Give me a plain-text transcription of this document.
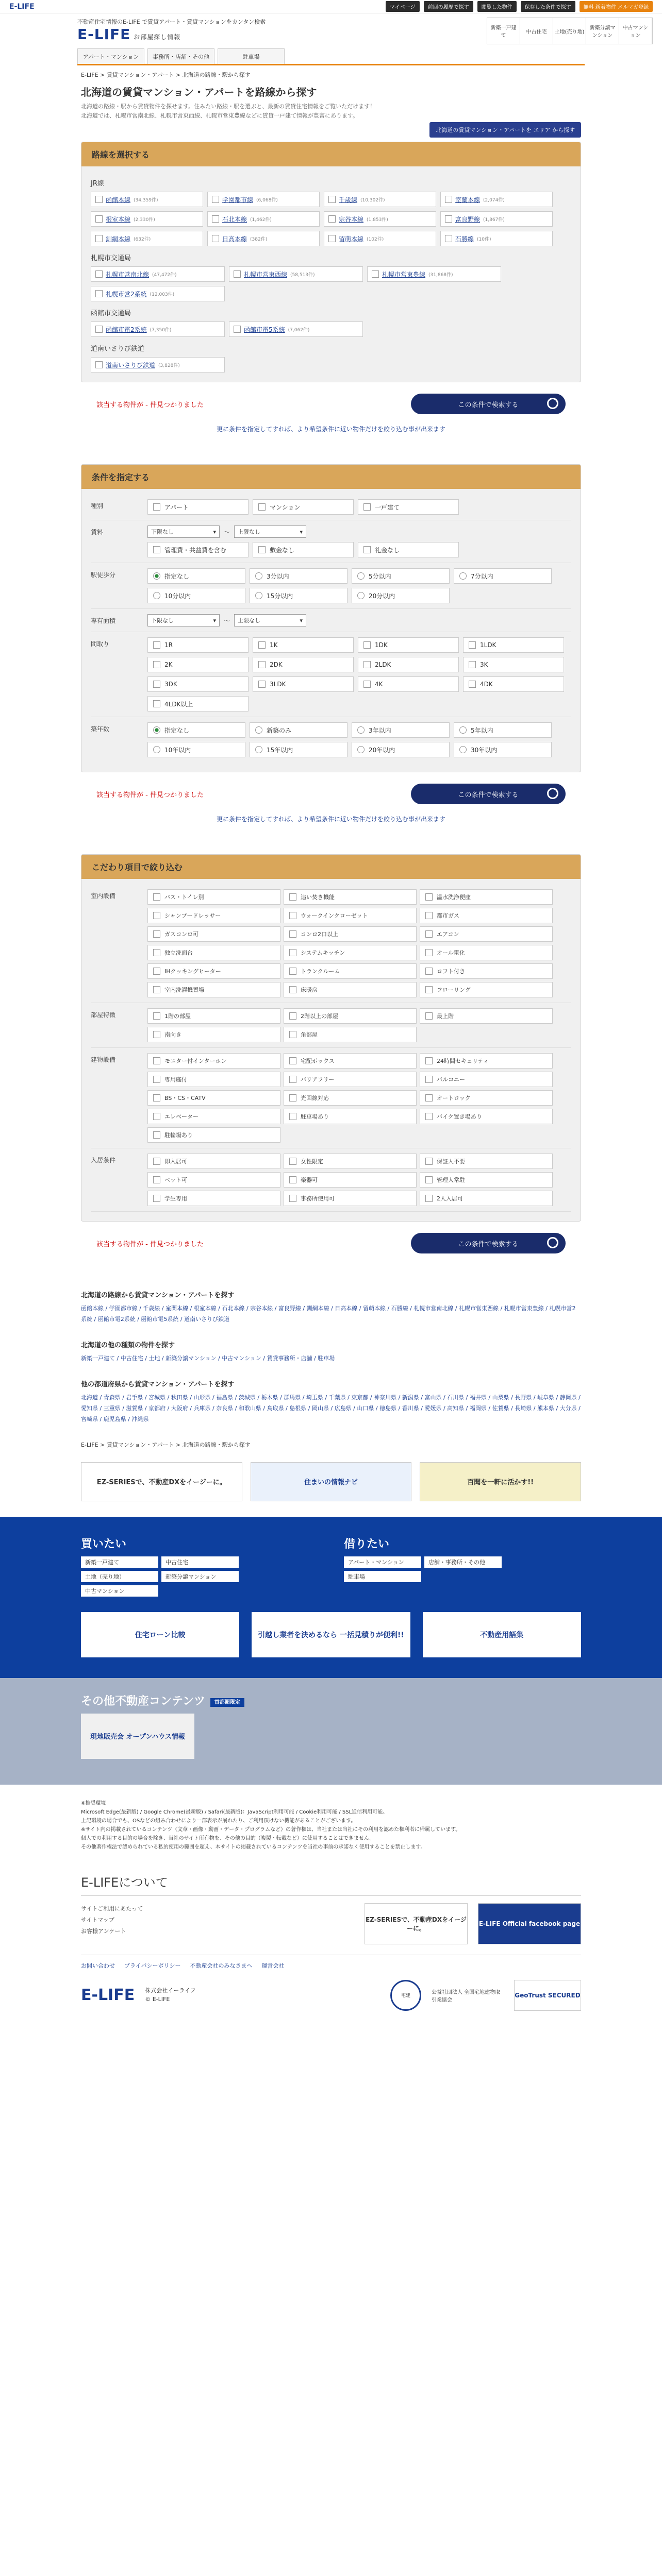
E-LIFE	マイページ	前回の履歴で探す	閲覧した物件	保存した条件で探す	無料 新着物件 メルマガ登録
不動産住宅情報のE-LIFE で賃貸アパート・賃貸マンションをカンタン検索
E-LIFE お部屋探し情報
新築一戸建て
中古住宅	土地(売り地)
新築分譲マンション
中古マンション
アパート・マンション	事務所・店舗・その他	駐車場
E-LIFE > 賃貸マンション・アパート > 北海道の路線・駅から探す
北海道の賃貸マンション・アパートを路線から探す

北海道の路線・駅から賃貸物件を探せます。住みたい路線・駅を選ぶと、最新の賃貸住宅情報をご覧いただけます！

北海道では、札幌市営南北線、札幌市営東西線、札幌市営東豊線などに賃貸一戸建て情報が豊富にあります。

北海道の賃貸マンション・アパートを エリア から探す
路線を選択する
JR線
函館本線 (34,359件)	学園都市線 (6,068件)	千歳線 (10,302件)	室蘭本線 (2,074件)
根室本線 (2,330件)	石北本線 (1,462件)	宗谷本線 (1,853件)	富良野線 (1,867件)
釧網本線 (632件)	日高本線 (382件)	留萌本線 (102件)	石勝線 (10件)
札幌市交通局
札幌市営南北線 (47,472件)	札幌市営東西線 (58,513件)	札幌市営東豊線 (31,868件)
札幌市営2系統 (12,003件)
函館市交通局
函館市電2系統 (7,350件)	函館市電5系統 (7,062件)
道南いさりび鉄道
道南いさりび鉄道 (3,828件)
該当する物件が - 件見つかりました	この条件で検索する
更に条件を指定してすれば、より希望条件に近い物件だけを絞り込む事が出来ます
条件を指定する
種別	アパート	マンション	一戸建て
賃料	下限なし	▾ ～ 上限なし	▾
管理費・共益費を含む	敷金なし	礼金なし
駅徒歩分	指定なし	3分以内	5分以内	7分以内
10分以内	15分以内	20分以内
専有面積	下限なし	▾ ～ 上限なし	▾
間取り	1R	1K	1DK	1LDK
2K	2DK	2LDK	3K
3DK	3LDK	4K	4DK
4LDK以上
築年数	指定なし	新築のみ	3年以内	5年以内
10年以内	15年以内	20年以内	30年以内
該当する物件が - 件見つかりました	この条件で検索する
更に条件を指定してすれば、より希望条件に近い物件だけを絞り込む事が出来ます
こだわり項目で絞り込む
室内設備	バス・トイレ別	追い焚き機能	温水洗浄便座
シャンプードレッサー	ウォークインクローゼット	都市ガス
ガスコンロ可	コンロ2口以上	エアコン
独立洗面台	システムキッチン	オール電化
IHクッキングヒーター	トランクルーム	ロフト付き
室内洗濯機置場	床暖房	フローリング
部屋特徴	1階の部屋	2階以上の部屋	最上階
南向き	角部屋
建物設備	モニター付インターホン	宅配ボックス	24時間セキュリティ
専用庭付	バリアフリー	バルコニー
BS・CS・CATV	光回線対応	オートロック
エレベーター	駐車場あり	バイク置き場あり
駐輪場あり
入居条件	即入居可	女性限定	保証人不要
ペット可	楽器可	管理人常駐
学生専用	事務所使用可	2人入居可
該当する物件が - 件見つかりました	この条件で検索する
北海道の路線から賃貸マンション・アパートを探す

函館本線 / 学園都市線 / 千歳線 / 室蘭本線 / 根室本線 / 石北本線 / 宗谷本線 / 富良野線 / 釧網本線 / 日高本線 / 留萌本線 / 石勝線 / 札幌市営南北線 / 札幌市営東西線 / 札幌市営東豊線 / 札幌市営2系統 / 函館市電2系統 / 函館市電5系統 / 道南いさりび鉄道

北海道の他の種類の物件を探す

新築一戸建て / 中古住宅 / 土地 / 新築分譲マンション / 中古マンション / 賃貸事務所・店舗 / 駐車場

他の都道府県から賃貸マンション・アパートを探す

北海道 / 青森県 / 岩手県 / 宮城県 / 秋田県 / 山形県 / 福島県 / 茨城県 / 栃木県 / 群馬県 / 埼玉県 / 千葉県 / 東京都 / 神奈川県 / 新潟県 / 富山県 / 石川県 / 福井県 / 山梨県 / 長野県 / 岐阜県 / 静岡県 / 愛知県 / 三重県 / 滋賀県 / 京都府 / 大阪府 / 兵庫県 / 奈良県 / 和歌山県 / 鳥取県 / 島根県 / 岡山県 / 広島県 / 山口県 / 徳島県 / 香川県 / 愛媛県 / 高知県 / 福岡県 / 佐賀県 / 長崎県 / 熊本県 / 大分県 / 宮崎県 / 鹿児島県 / 沖縄県

E-LIFE > 賃貸マンション・アパート > 北海道の路線・駅から探す
EZ-SERIESで、不動産DXをイージーに。	住まいの情報ナビ	百聞を一軒に活かす!!
買いたい
新築一戸建て	中古住宅
土地（売り地）	新築分譲マンション
中古マンション
借りたい
アパート・マンション	店舗・事務所・その他
駐車場
住宅ローン比較	引越し業者を決めるなら 一括見積りが便利!!	不動産用語集
その他不動産コンテンツ 首都圏限定
現地販売会 オープンハウス情報
※推奨環境
Microsoft Edge(最新版) / Google Chrome(最新版) / Safari(最新版)：JavaScript利用可能 / Cookie利用可能 / SSL通信利用可能。
上記環境の場合でも、OSなどの組み合わせにより一部表示が崩れたり、ご利用頂けない機能があることがございます。
※サイト内の掲載されているコンテンツ（文章・画像・動画・データ・プログラムなど）の著作権は、当社または当社にその利用を認めた権利者に帰属しています。
個人での利用する目的の場合を除き、当社のサイト所有物を、その他の目的（複製・転載など）に使用することはできません。
その他著作権法で認められている私的使用の範囲を超え、本サイトの掲載されているコンテンツを当社の事前の承諾なく使用することを禁止します。
E-LIFEについて
サイトご利用にあたって
サイトマップ
お客様アンケート
EZ-SERIESで、不動産DXをイージーに。
E-LIFE Official facebook page
お問い合わせ プライバシーポリシー 不動産会社のみなさまへ 運営会社
E-LIFE 株式会社イーライフ
© E-LIFE	宅建
公益社団法人 全国宅地建物取引業協会
GeoTrust SECURED
